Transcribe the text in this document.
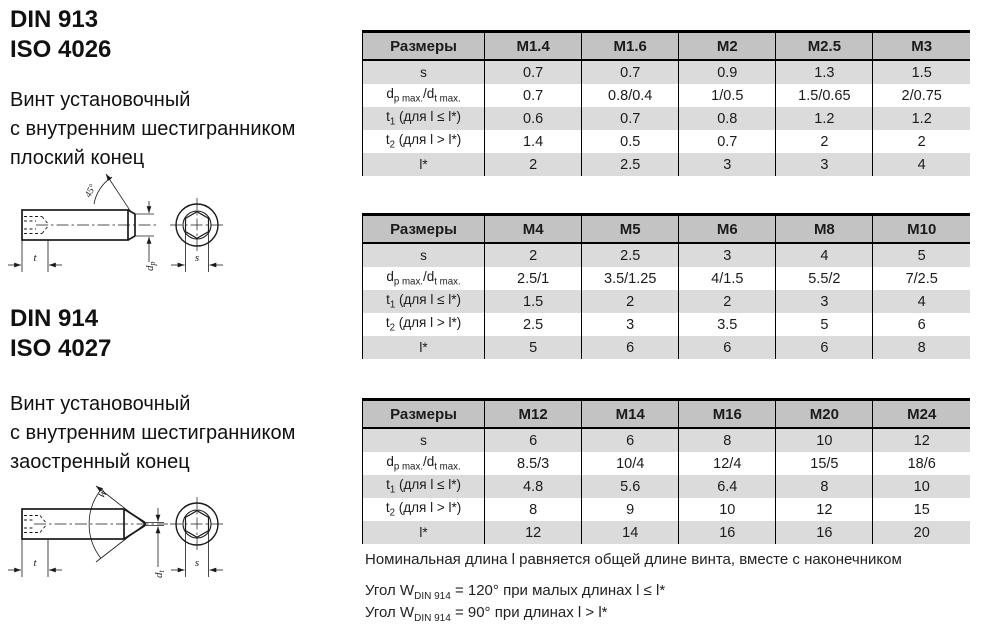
DIN 913
ISO 4026
Винт установочный
с внутренним шестигранником
плоский конец
45°
t
dp	s
DIN 914
ISO 4027
Винт установочный
с внутренним шестигранником
заостренный конец
W
t
dt
s
Размеры	M1.4	M1.6	M2	M2.5	M3
s	0.7	0.7	0.9	1.3	1.5
$d_{p max.}/d_{t max.}$	0.7	0.8/0.4	1/0.5	1.5/0.65	2/0.75
$t_1$ (для l ≤ l*)	0.6	0.7	0.8	1.2	1.2
$t_2$ (для l > l*)	1.4	0.5	0.7	2	2
l*	2	2.5	3	3	4
Размеры	M4	M5	M6	M8	M10
s	2	2.5	3	4	5
$d_{p max.}/d_{t max.}$	2.5/1	3.5/1.25	4/1.5	5.5/2	7/2.5
$t_1$ (для l ≤ l*)	1.5	2	2	3	4
$t_2$ (для l > l*)	2.5	3	3.5	5	6
l*	5	6	6	6	8
Размеры	M12	M14	M16	M20	M24
s	6	6	8	10	12
$d_{p max.}/d_{t max.}$	8.5/3	10/4	12/4	15/5	18/6
$t_1$ (для l ≤ l*)	4.8	5.6	6.4	8	10
$t_2$ (для l > l*)	8	9	10	12	15
l*	12	14	16	16	20
Номинальная длина l равняется общей длине винта, вместе с наконечником
Угол $W_{DIN 914} = 120^\circ$ при малых длинах l ≤ l*
Угол $W_{DIN 914} = 90^\circ$ при длинах l > l*
